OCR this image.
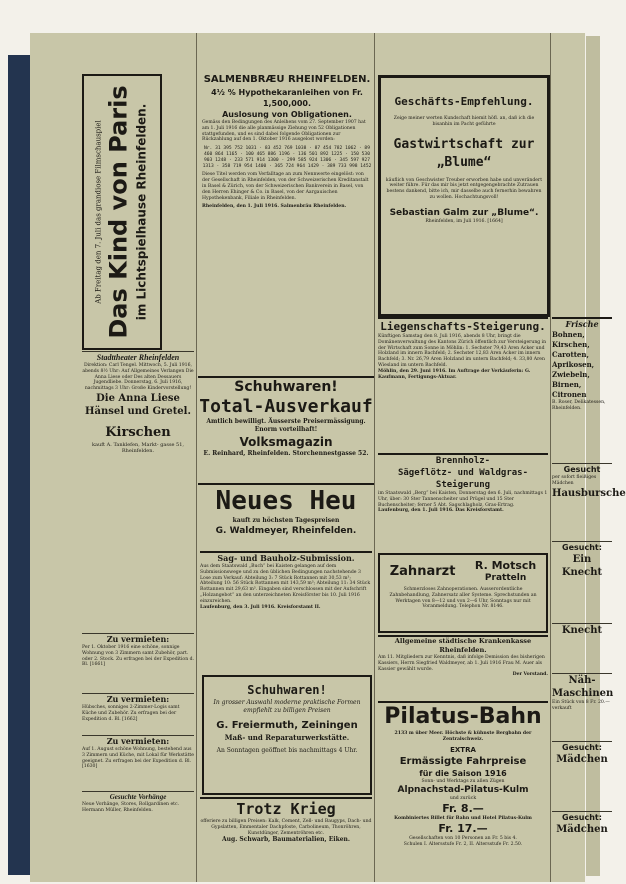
Ab Freitag den 7. Juli das grandiose Filmschauspiel Das Kind von Paris im Lichtspielhause Rheinfelden.

Stadttheater Rheinfelden

Direktion: Carl Tengel. Mittwoch, 5. Juli 1916, abends 8½ Uhr: Auf Allgemeines Verlangen Die Anna Liese oder Des alten Dessauers Jugendliebe. Donnerstag, 6. Juli 1916, nachmittags 3 Uhr: Große Kindervorstellung!

Die Anna Liese

Hänsel und Gretel.

Kirschen

kauft A. Tanklefen, Markt- gasse 51, Rheinfelden.

Zu vermieten:

Per 1. Oktober 1916 eine schöne, sonnige Wohnung von 3 Zimmern samt Zubehör, part. oder 2. Stock. Zu erfragen bei der Expedition d. Bl. [1661]

Zu vermieten:

Hübsches, sonniges 2-Zimmer-Logis samt Küche und Zubehör. Zu erfragen bei der Expedition d. Bl. [1662]

Zu vermieten:

Auf 1. August schöne Wohnung, bestehend aus 3 Zimmern und Küche, mit Lokal für Werkstätte geeignet. Zu erfragen bei der Expedition d. Bl. [1630]

Gesuchte Vorhänge

Neue Vorhänge, Stores, Rollgardinen etc. Hermann Müller, Rheinfelden.

SALMENBRÆU RHEINFELDEN.

4½ % Hypothekaranleihen von Fr. 1,500,000.

Auslosung von Obligationen.

Gemäss den Bedingungen des Anleihens vom 27. September 1907 hat am 1. Juli 1916 die alle planmässige Ziehung von 52 Obligationen stattgefunden, und es sind dabei folgende Obligationen zur Rückzahlung auf den 1. Oktober 1916 ausgelost worden:

Nr. 31 395 752 1031 · 83 452 769 1038 · 87 454 782 1062 · 89 460 864 1165 · 100 465 886 1196 · 136 501 892 1225 · 150 530 903 1248 · 233 571 914 1300 · 299 585 924 1306 · 345 597 927 1313 · 358 719 954 1400 · 365 724 964 1429 · 389 733 998 1452

Diese Titel werden vom Verfalltage an zum Nennwerte eingelöst: von der Gesellschaft in Rheinfelden, von der Schweizerischen Kreditanstalt in Basel & Zürich, von der Schweizerischen Bankverein in Basel, von den Herren Ehinger & Co. in Basel, von der Aargauischen Hypothekenbank, Filiale in Rheinfelden.

Rheinfelden, den 1. Juli 1916. Salmenbräu Rheinfelden.

Schuhwaren!

Total-Ausverkauf

Amtlich bewilligt. Äusserste Preisermässigung. Enorm vorteilhaft!

Volksmagazin

E. Reinhard, Rheinfelden. Storchennestgasse 52.

Neues Heu

kauft zu höchsten Tagespreisen

G. Waldmeyer, Rheinfelden.

Sag- und Bauholz-Submission.

Aus dem Staatswald „Buch“ bei Kaisten gelangen auf dem Submissionswege und zu den üblichen Bedingungen nachstehende 3 Lose zum Verkauf: Abteilung 3: 7 Stück Rottannen mit 30,53 m³; Abteilung 10: 56 Stück Rottannen mit 143,59 m³; Abteilung 11: 34 Stück Rottannen mit 29,63 m³. Eingaben sind verschlossen mit der Aufschrift „Holzangebot“ an den unterzeichneten Kreisförster bis 10. Juli 1916 einzureichen.

Laufenburg, den 3. Juli 1916. Kreisforstamt II.

Schuhwaren!

In grosser Auswahl moderne praktische Formen empfiehlt zu billigen Preisen

G. Freiermuth, Zeiningen

Maß- und Reparaturwerkstätte.

An Sonntagen geöffnet bis nachmittags 4 Uhr.

Trotz Krieg

offeriere zu billigen Preisen: Kalk, Cement, Zell- und Baugyps, Dach- und Gypslatten, Emmentaler Dachpfoste, Carbolineum, Thonröhren, Kunstdünger, Zementröhren etc.

Aug. Schwarb, Baumaterialien, Eiken.

Geschäfts-Empfehlung.

Zeige meiner werten Kundschaft hiemit höfl. an, daß ich die bisanhin im Pacht geführte

Gastwirtschaft zur „Blume“

käuflich von Geschwister Treuber erworben habe und unverändert weiter führe. Für das mir bis jetzt entgegengebrachte Zutrauen bestens dankend, bitte ich, mir dasselbe auch fernerhin bewahren zu wollen. Hochachtungsvoll!

Sebastian Galm zur „Blume“.

Rheinfelden, im Juli 1916. [1664]

Liegenschafts-Steigerung.

Künftigen Samstag den 8. Juli 1916, abends 8 Uhr, bringt die Domänenverwaltung des Kantons Zürich öffentlich zur Versteigerung in der Wirtschaft zum Sonne in Möhlin: 1. Sechster 79,43 Aren Acker und Holzland im innern Bachfeld; 2. Sechster 12,83 Aren Acker im innern Bachfeld; 3. Nr. 26,79 Aren Holzland im untern Bachfeld; 4. 33,80 Aren Wiesland im untern Bachfeld.

Möhlin, den 29. Juni 1916. Im Auftrage der Verkäuferin: G. Kaufmann, Fertigungs-Aktuar.

Brennholz-

Sägeflötz- und Waldgras-Steigerung

im Staatswald „Berg“ bei Kaisten, Donnerstag den 6. Juli, nachmittags 1 Uhr, über: 30 Ster Tannenscheiter und Prügel und 15 Ster Buchenscheiter; ferner 5 Abt. Sagschlagholz, Gras-Ertrag.

Laufenburg, den 1. Juli 1916. Das Kreisforstamt.

Zahnarzt R. Motsch
Pratteln

Schmerzloses Zahnoperationen. Ausserordentliche Zahnbehandlung, Zahnersatz aller Systeme. Sprechstunden an Werktagen von 8—12 und von 2—6 Uhr, Sonntags nur mit Voranmeldung. Telephon Nr. 8146.

Allgemeine städtische Krankenkasse Rheinfelden.

Am 11. Mitgliedern zur Kenntnis, daß infolge Demission des bisherigen Kassiers, Herrn Siegfried Waldmeyer, ab 1. Juli 1916 Frau M. Auer als Kassier gewählt wurde.

Der Vorstand.

Pilatus-Bahn

2133 m über Meer. Höchste & kühnste Bergbahn der Zentralschweiz.

EXTRA

Ermässigte Fahrpreise

für die Saison 1916

Sonn- und Werktags zu allen Zügen

Alpnachstad-Pilatus-Kulm

und zurück

Fr. 8.—

Kombiniertes Billet für Bahn und Hotel Pilatus-Kulm

Fr. 17.—

Gesellschaften von 10 Personen an Fr. 5 bis 4.

Schulen I. Altersstufe Fr. 2, II. Altersstufe Fr. 2.50.

Frische

Bohnen, Kirschen, Carotten, Aprikosen, Zwiebeln, Birnen, Citronen

B. Roser, Delikatessen, Rheinfelden.

Gesucht

per sofort fleißiges Mädchen

Hausbursche

Gesucht:

Ein Knecht

Knecht

Näh-Maschinen

Ein Stück von 8 Fr. 20.— verkauft

Gesucht:

Mädchen

Gesucht:

Mädchen
